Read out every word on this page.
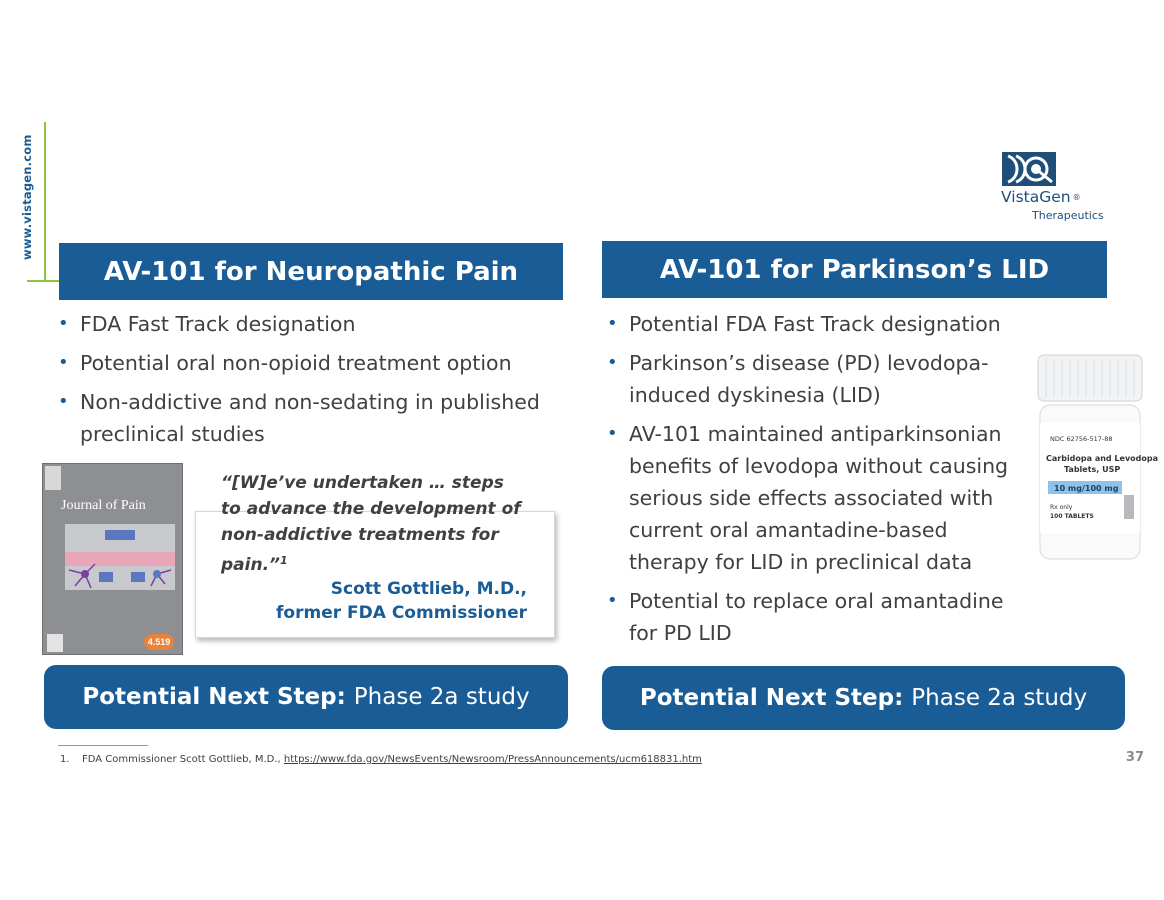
www.vistagen.com	VistaGen ®
Therapeutics
AV-101 for Neuropathic Pain
• FDA Fast Track designation
• Potential oral non-opioid treatment option
• Non-addictive and non-sedating in published preclinical studies
Journal of Pain
4.519
“[W]e’ve undertaken … steps to advance the development of non-addictive treatments for pain.”$^1$
Scott Gottlieb, M.D.,
former FDA Commissioner
Potential Next Step: Phase 2a study
AV-101 for Parkinson’s LID
• Potential FDA Fast Track designation
• Parkinson’s disease (PD) levodopa-induced dyskinesia (LID)
• AV-101 maintained antiparkinsonian benefits of levodopa without causing serious side effects associated with current oral amantadine-based therapy for LID in preclinical data
• Potential to replace oral amantadine for PD LID
NDC 62756-517-88
Carbidopa and Levodopa
Tablets, USP
10 mg/100 mg
Rx only
100 TABLETS
Potential Next Step: Phase 2a study
1. FDA Commissioner Scott Gottlieb, M.D., https://www.fda.gov/NewsEvents/Newsroom/PressAnnouncements/ucm618831.htm	37
